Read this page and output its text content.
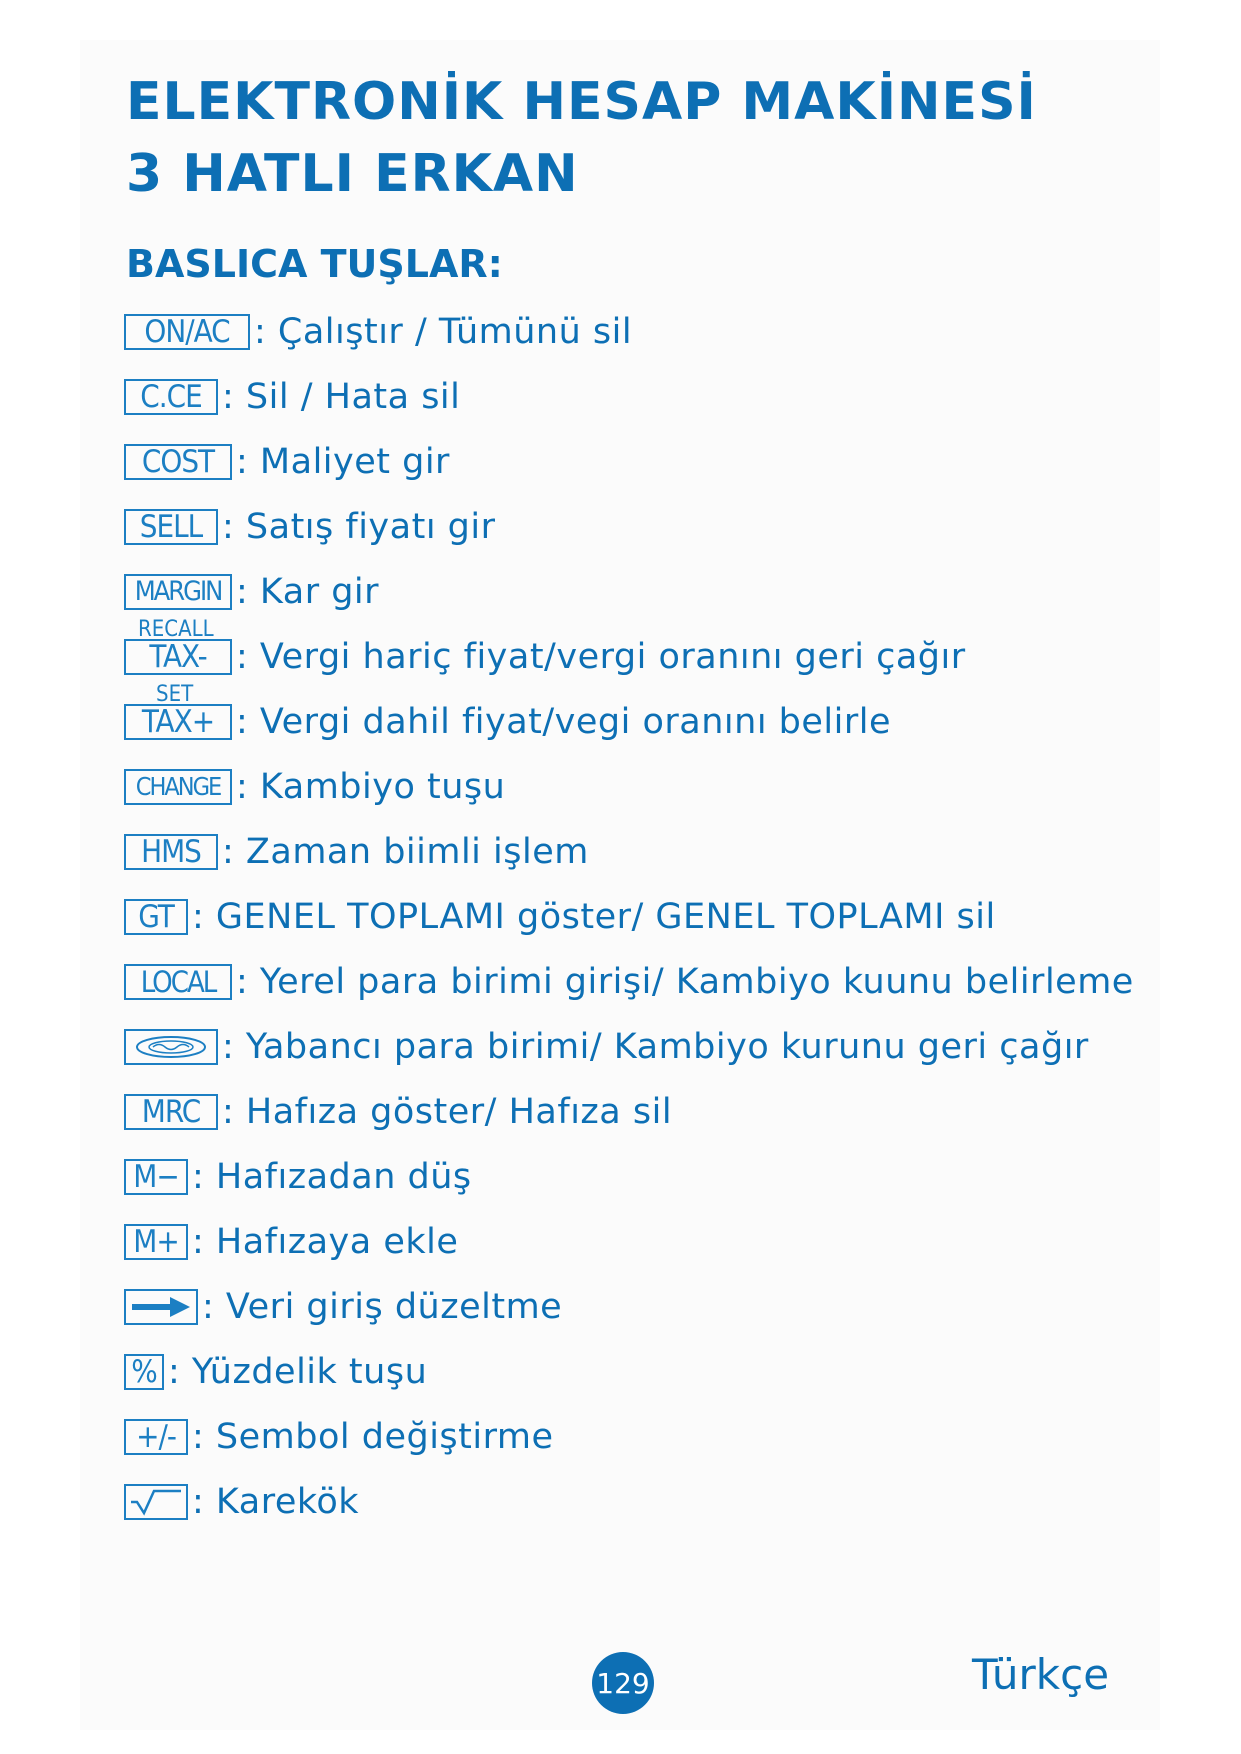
ELEKTRONİK HESAP MAKİNESİ
3 HATLI ERKAN
BASLICA TUŞLAR:
ON/AC : Çalıştır / Tümünü sil
C.CE : Sil / Hata sil
COST : Maliyet gir
SELL : Satış fiyatı gir
MARGIN : Kar gir
RECALL
TAX- : Vergi hariç fiyat/vergi oranını geri çağır
SET
TAX+ : Vergi dahil fiyat/vegi oranını belirle
CHANGE : Kambiyo tuşu
HMS : Zaman biimli işlem
GT : GENEL TOPLAMI göster/ GENEL TOPLAMI sil
LOCAL : Yerel para birimi girişi/ Kambiyo kuunu belirleme
: Yabancı para birimi/ Kambiyo kurunu geri çağır
MRC : Hafıza göster/ Hafıza sil
M− : Hafızadan düş
M+ : Hafızaya ekle
: Veri giriş düzeltme
% : Yüzdelik tuşu
+/- : Sembol değiştirme
: Karekök
129	Türkçe
